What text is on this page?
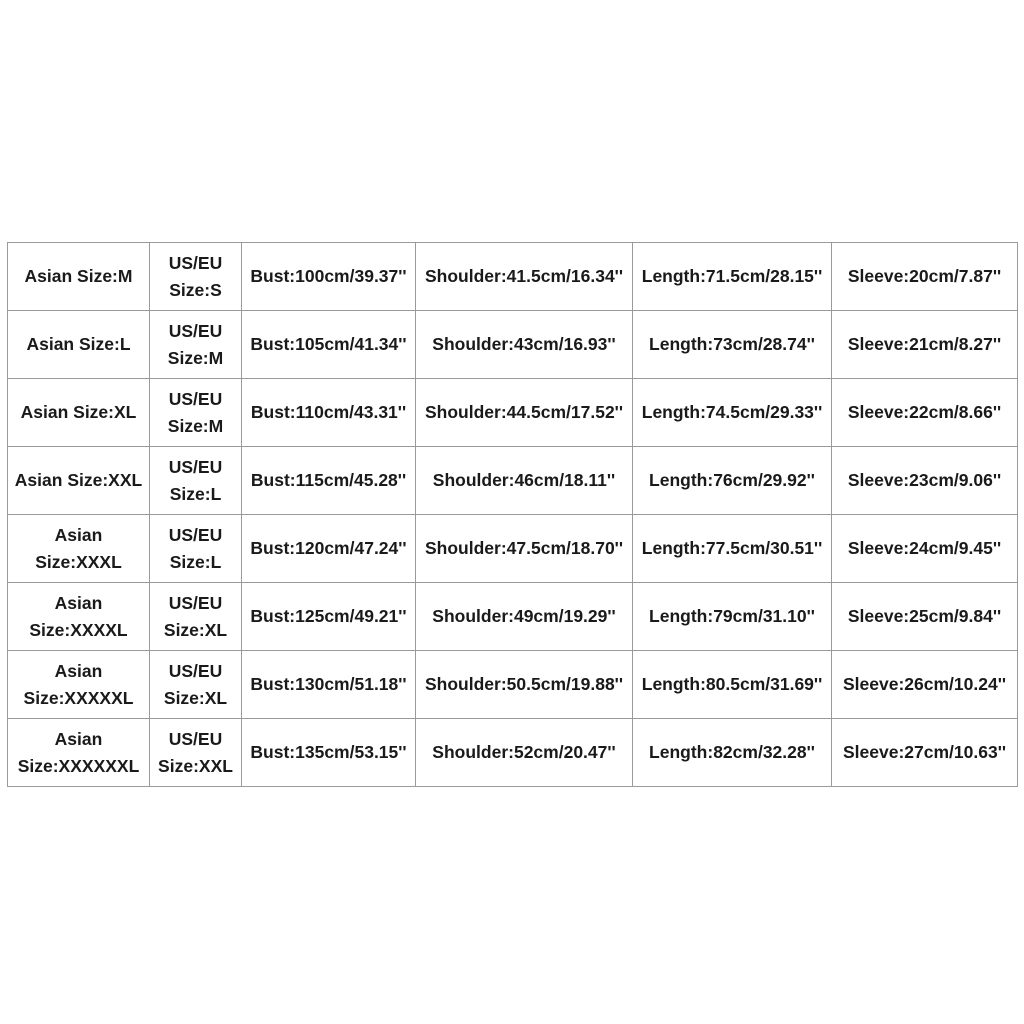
Asian Size:M	US/EU Size:S	Bust:100cm/39.37''	Shoulder:41.5cm/16.34''	Length:71.5cm/28.15''	Sleeve:20cm/7.87''
Asian Size:L	US/EU Size:M	Bust:105cm/41.34''	Shoulder:43cm/16.93''	Length:73cm/28.74''	Sleeve:21cm/8.27''
Asian Size:XL	US/EU Size:M	Bust:110cm/43.31''	Shoulder:44.5cm/17.52''	Length:74.5cm/29.33''	Sleeve:22cm/8.66''
Asian Size:XXL	US/EU Size:L	Bust:115cm/45.28''	Shoulder:46cm/18.11''	Length:76cm/29.92''	Sleeve:23cm/9.06''
Asian Size:XXXL	US/EU Size:L	Bust:120cm/47.24''	Shoulder:47.5cm/18.70''	Length:77.5cm/30.51''	Sleeve:24cm/9.45''
Asian Size:XXXXL	US/EU Size:XL	Bust:125cm/49.21''	Shoulder:49cm/19.29''	Length:79cm/31.10''	Sleeve:25cm/9.84''
Asian Size:XXXXXL	US/EU Size:XL	Bust:130cm/51.18''	Shoulder:50.5cm/19.88''	Length:80.5cm/31.69''	Sleeve:26cm/10.24''
Asian Size:XXXXXXL	US/EU Size:XXL	Bust:135cm/53.15''	Shoulder:52cm/20.47''	Length:82cm/32.28''	Sleeve:27cm/10.63''
